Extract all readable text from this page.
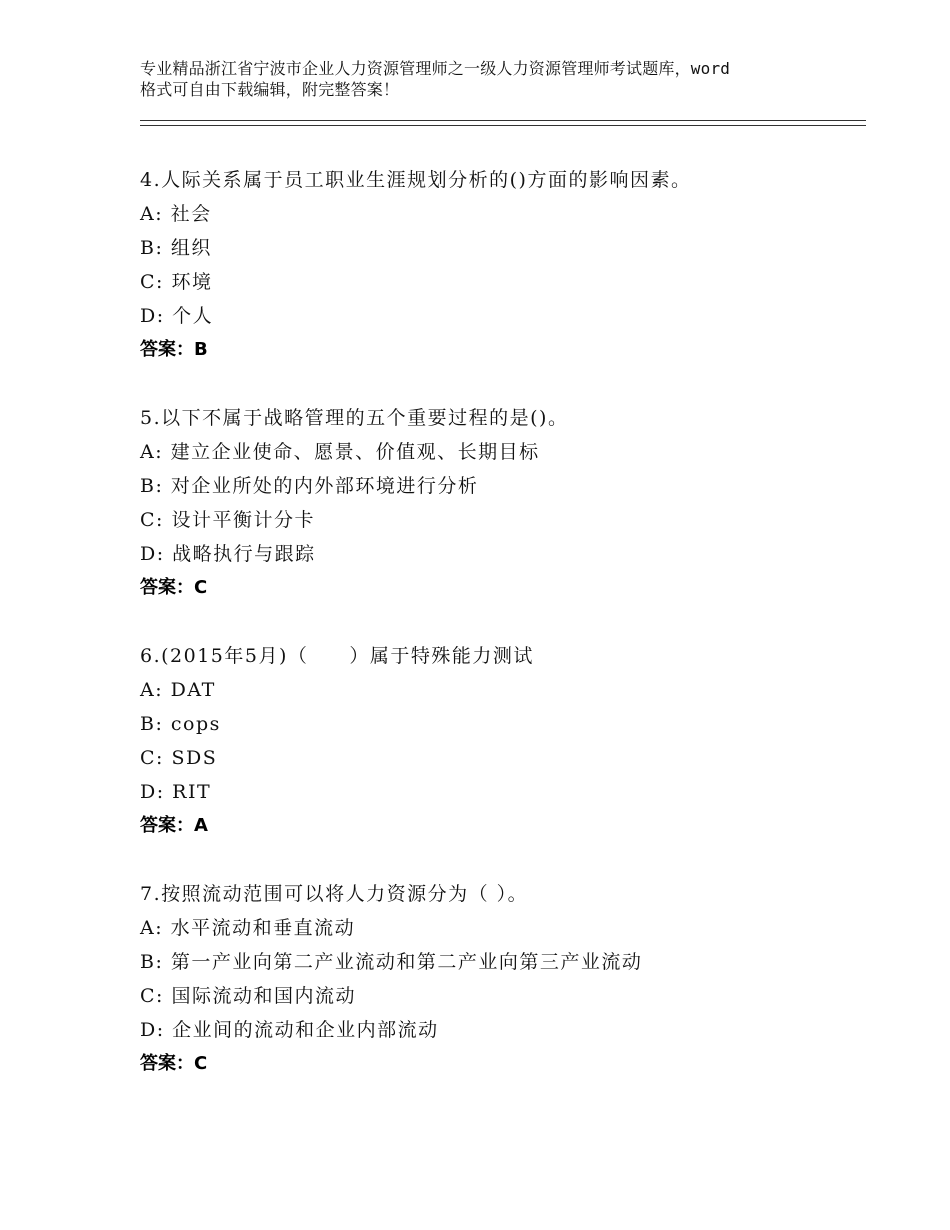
专业精品浙江省宁波市企业人力资源管理师之一级人力资源管理师考试题库，word
格式可自由下载编辑，附完整答案！
4.人际关系属于员工职业生涯规划分析的()方面的影响因素。
A: 社会
B: 组织
C: 环境
D: 个人
答案：B
5.以下不属于战略管理的五个重要过程的是()。
A: 建立企业使命、愿景、价值观、长期目标
B: 对企业所处的内外部环境进行分析
C: 设计平衡计分卡
D: 战略执行与跟踪
答案：C
6.(2015年5月)（　　）属于特殊能力测试
A: DAT
B: cops
C: SDS
D: RIT
答案：A
7.按照流动范围可以将人力资源分为（ ）。
A: 水平流动和垂直流动
B: 第一产业向第二产业流动和第二产业向第三产业流动
C: 国际流动和国内流动
D: 企业间的流动和企业内部流动
答案：C
